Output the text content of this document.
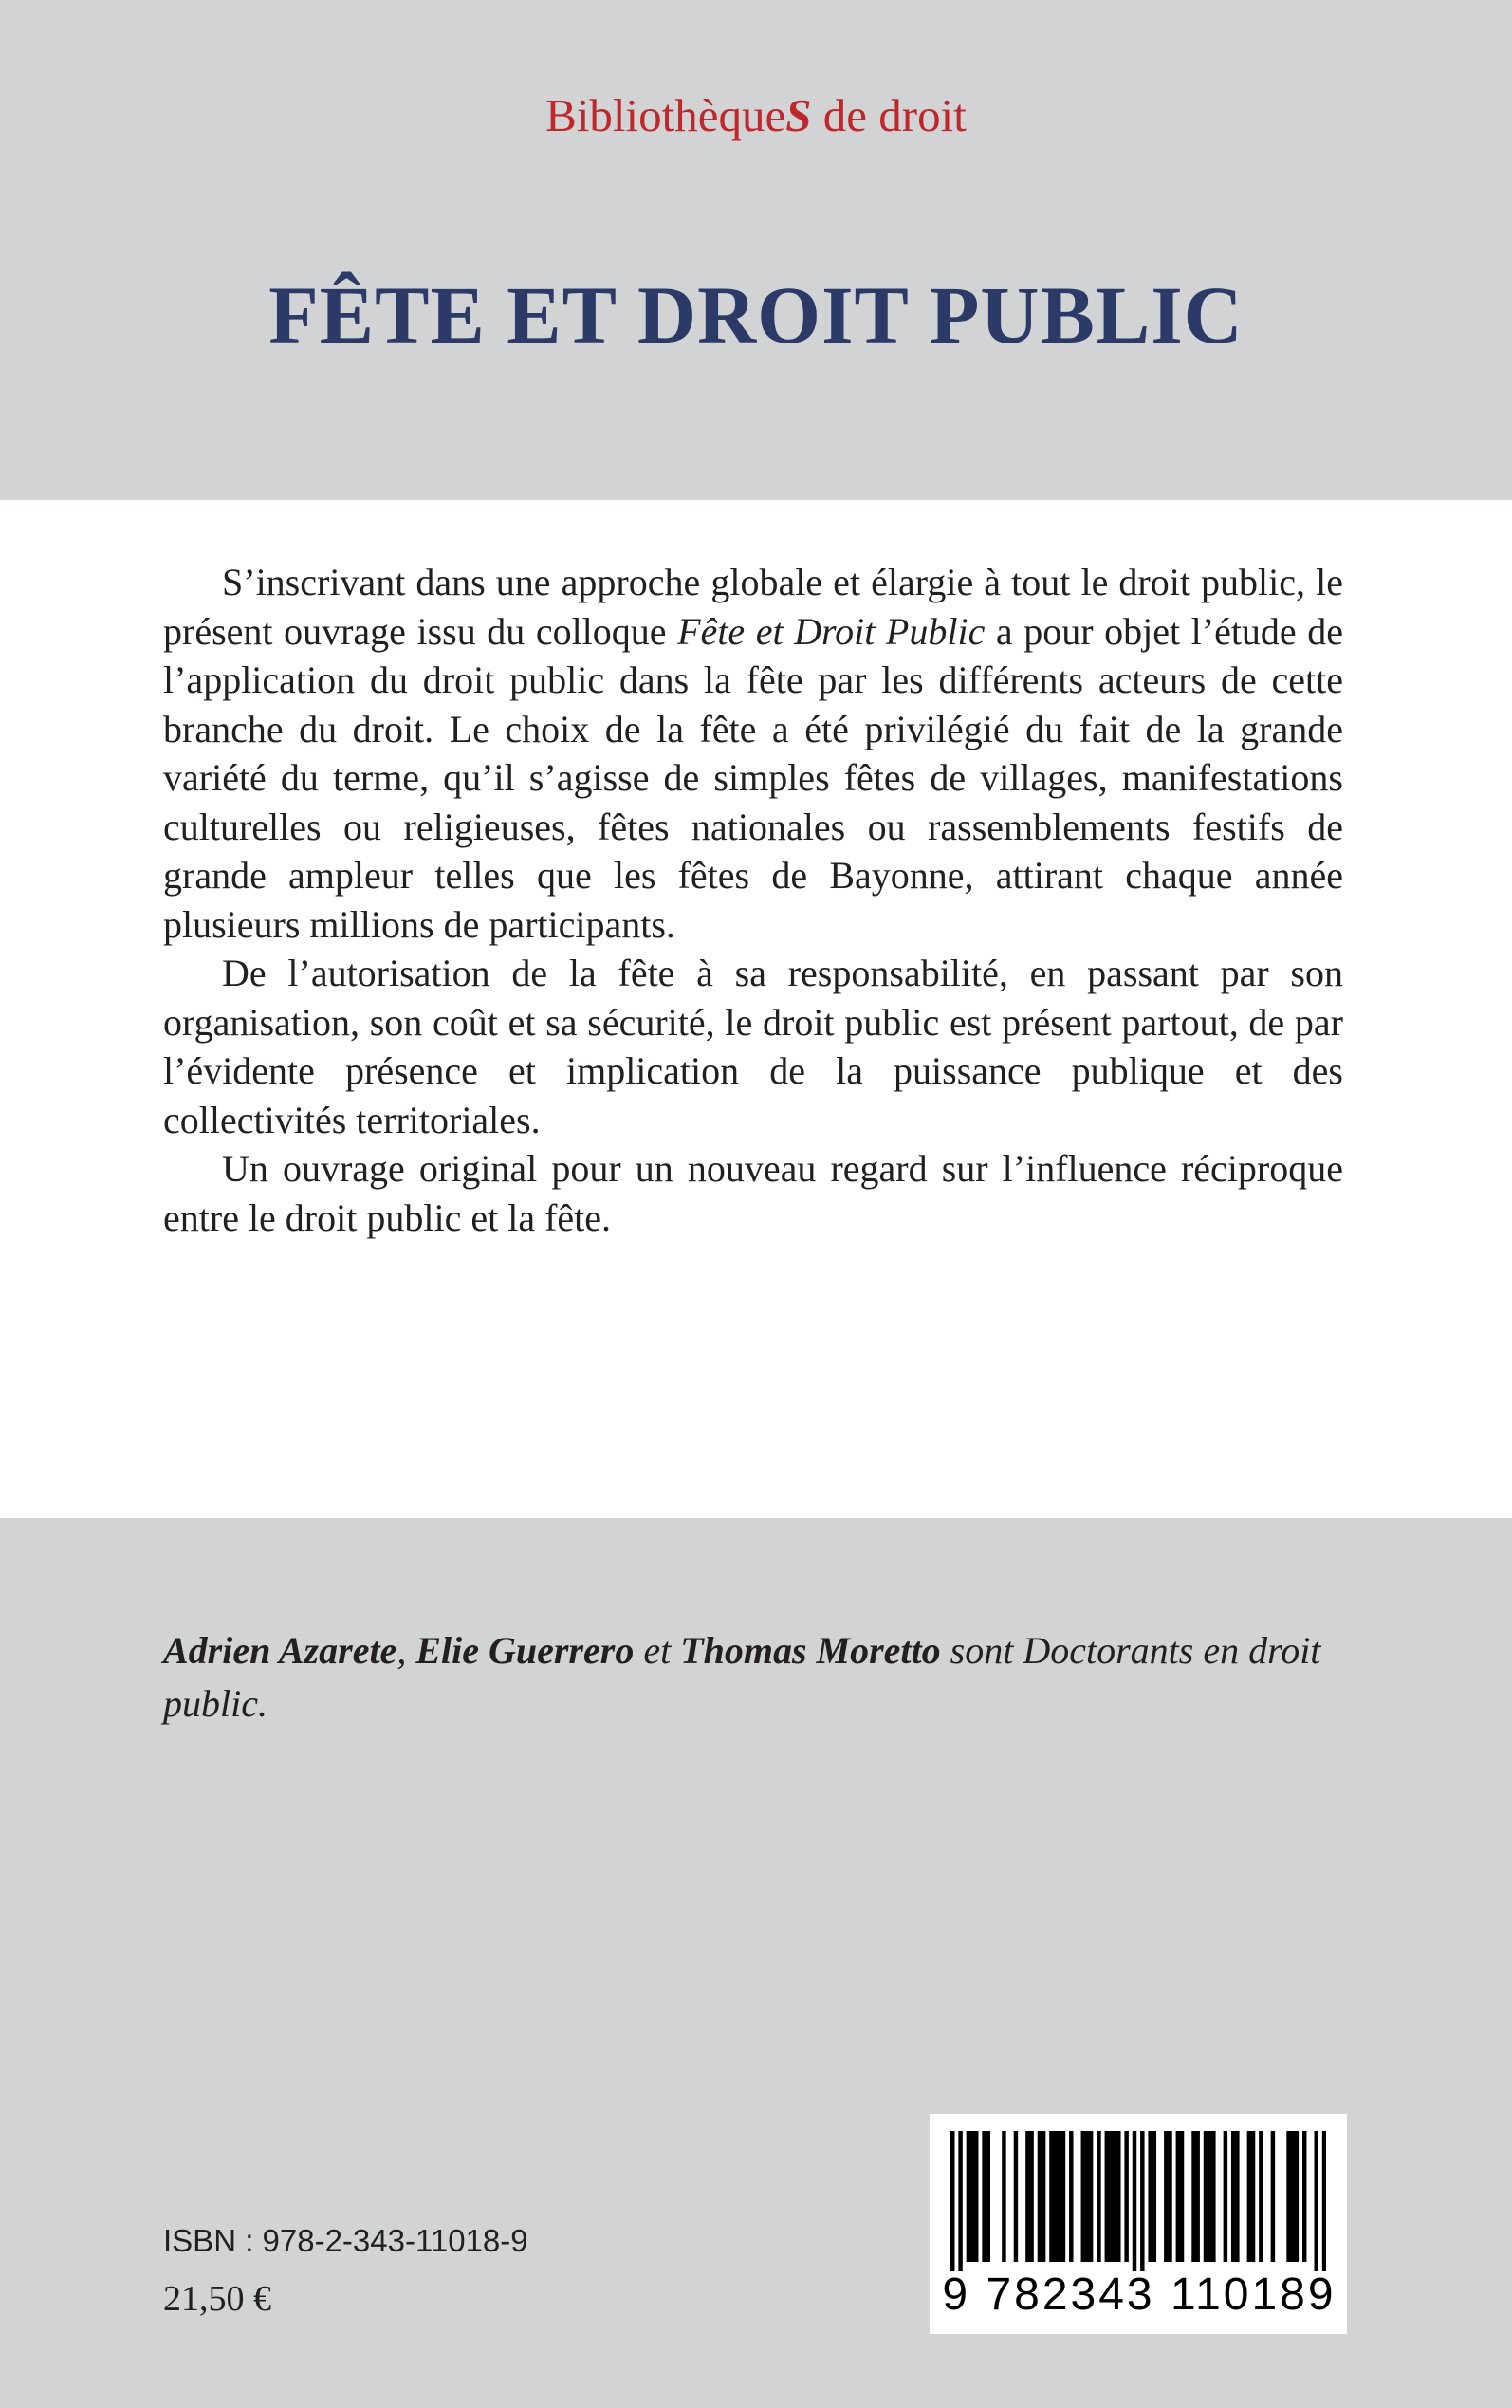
BibliothèqueS de droit
FÊTE ET DROIT PUBLIC

S’inscrivant dans une approche globale et élargie à tout le droit public, le présent ouvrage issu du colloque Fête et Droit Public a pour objet l’étude de l’application du droit public dans la fête par les différents acteurs de cette branche du droit. Le choix de la fête a été privilégié du fait de la grande variété du terme, qu’il s’agisse de simples fêtes de villages, manifestations culturelles ou religieuses, fêtes nationales ou rassemblements festifs de grande ampleur telles que les fêtes de Bayonne, attirant chaque année plusieurs millions de participants.

De l’autorisation de la fête à sa responsabilité, en passant par son organisation, son coût et sa sécurité, le droit public est présent partout, de par l’évidente présence et implication de la puissance publique et des collectivités territoriales.

Un ouvrage original pour un nouveau regard sur l’influence réciproque entre le droit public et la fête.

Adrien Azarete, Elie Guerrero et Thomas Moretto sont Doctorants en droit public.
9 782343 110189
ISBN : 978-2-343-11018-9
21,50 €
